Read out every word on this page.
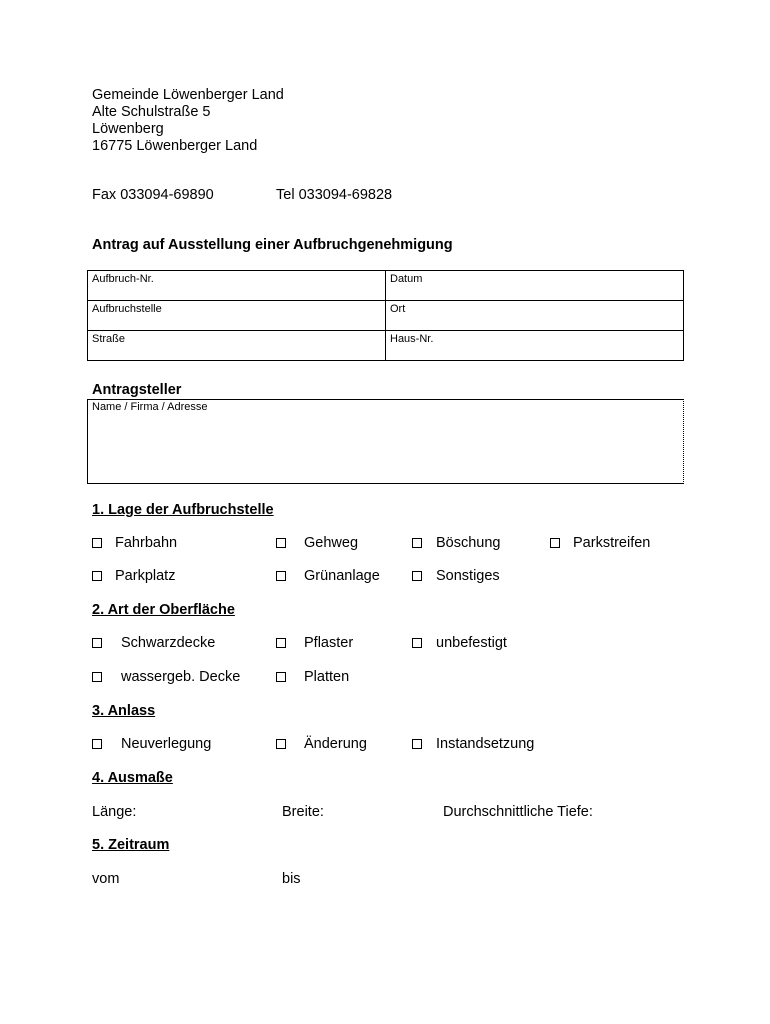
Gemeinde Löwenberger Land
Alte Schulstraße 5
Löwenberg
16775 Löwenberger Land
Fax 033094-69890	Tel 033094-69828
Antrag auf Ausstellung einer Aufbruchgenehmigung
Aufbruch-Nr.	Datum
Aufbruchstelle	Ort
Straße	Haus-Nr.
Antragsteller
Name / Firma / Adresse
1. Lage der Aufbruchstelle
Fahrbahn	Gehweg	Böschung	Parkstreifen
Parkplatz	Grünanlage	Sonstiges
2. Art der Oberfläche
Schwarzdecke	Pflaster	unbefestigt
wassergeb. Decke	Platten
3. Anlass
Neuverlegung	Änderung	Instandsetzung
4. Ausmaße
Länge:	Breite:	Durchschnittliche Tiefe:
5. Zeitraum
vom	bis
